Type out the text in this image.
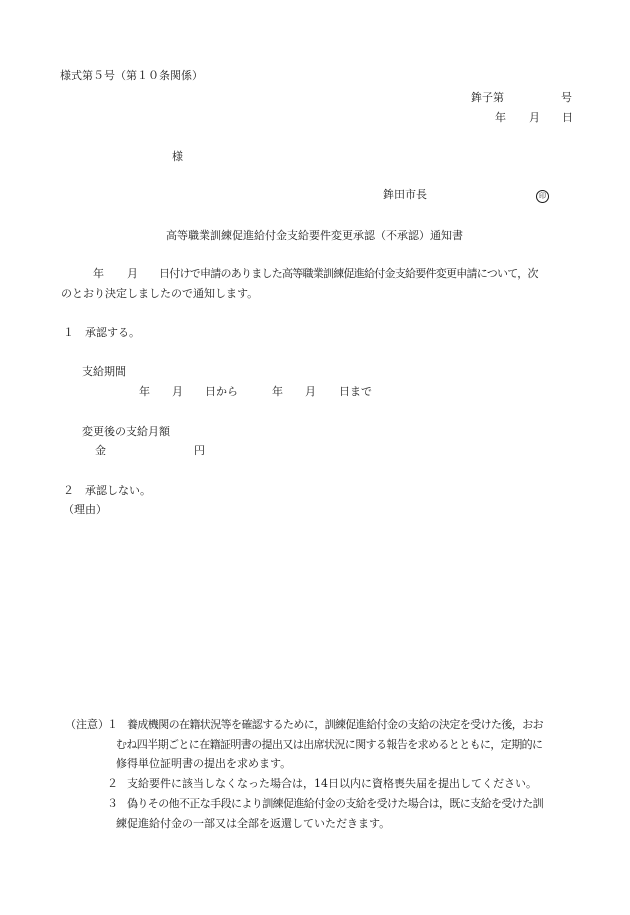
様式第５号（第１０条関係）
鉾子第	号
年 月 日
様
鉾田市長	印
高等職業訓練促進給付金支給要件変更承認（不承認）通知書
年 月 日付けで申請のありました高等職業訓練促進給付金支給要件変更申請について，次
のとおり決定しましたので通知します。
１　承認する。
支給期間
年 月 日から	年 月 日まで
変更後の支給月額
金	円
２　承認しない。
（理由）
（注意）
１ 養成機関の在籍状況等を確認するために，訓練促進給付金の支給の決定を受けた後，おお
むね四半期ごとに在籍証明書の提出又は出席状況に関する報告を求めるとともに，定期的に
修得単位証明書の提出を求めます。
２ 支給要件に該当しなくなった場合は，14日以内に資格喪失届を提出してください。
３ 偽りその他不正な手段により訓練促進給付金の支給を受けた場合は，既に支給を受けた訓
練促進給付金の一部又は全部を返還していただきます。
